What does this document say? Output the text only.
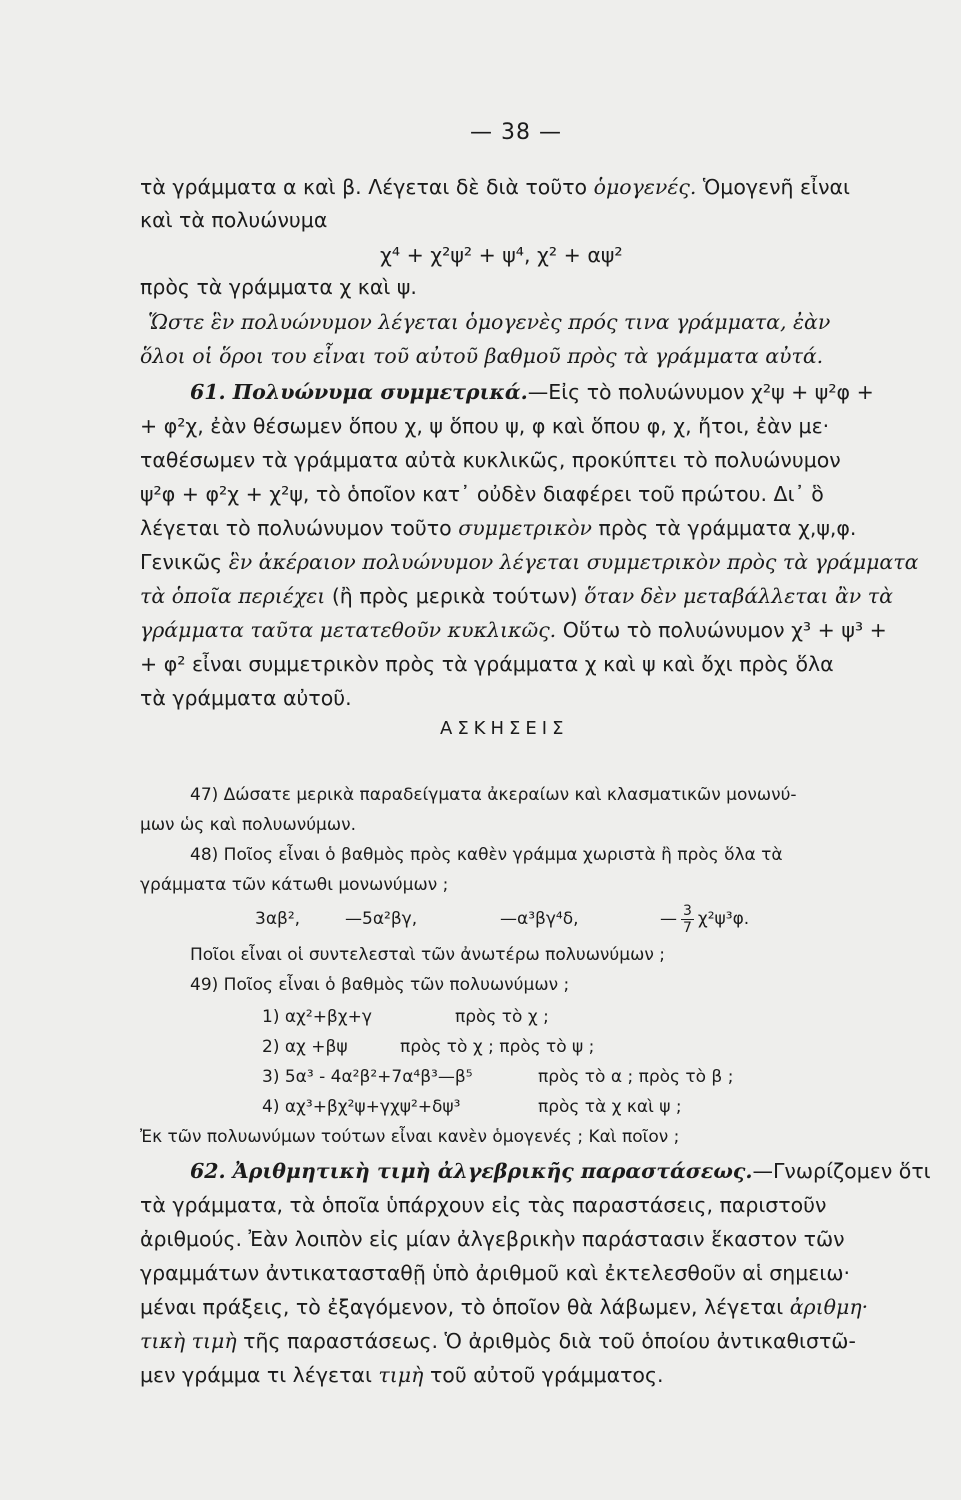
— 38 —
τὰ γράμματα α καὶ β. Λέγεται δὲ διὰ τοῦτο ὁμογενές. Ὁμογενῆ εἶναι
καὶ τὰ πολυώνυμα
χ⁴ + χ²ψ² + ψ⁴, χ² + αψ²
πρὸς τὰ γράμματα χ καὶ ψ.
Ὥστε ἓν πολυώνυμον λέγεται ὁμογενὲς πρός τινα γράμματα, ἐὰν
ὅλοι οἱ ὅροι του εἶναι τοῦ αὐτοῦ βαθμοῦ πρὸς τὰ γράμματα αὐτά.
61. Πολυώνυμα συμμετρικά.—Εἰς τὸ πολυώνυμον χ²ψ + ψ²φ +
+ φ²χ, ἐὰν θέσωμεν ὅπου χ, ψ ὅπου ψ, φ καὶ ὅπου φ, χ, ἤτοι, ἐὰν με·
ταθέσωμεν τὰ γράμματα αὐτὰ κυκλικῶς, προκύπτει τὸ πολυώνυμον
ψ²φ + φ²χ + χ²ψ, τὸ ὁποῖον κατ᾽ οὐδὲν διαφέρει τοῦ πρώτου. Δι᾽ ὃ
λέγεται τὸ πολυώνυμον τοῦτο συμμετρικὸν πρὸς τὰ γράμματα χ,ψ,φ.
Γενικῶς ἓν ἀκέραιον πολυώνυμον λέγεται συμμετρικὸν πρὸς τὰ γράμματα
τὰ ὁποῖα περιέχει (ἢ πρὸς μερικὰ τούτων) ὅταν δὲν μεταβάλλεται ἂν τὰ
γράμματα ταῦτα μετατεθοῦν κυκλικῶς. Οὕτω τὸ πολυώνυμον χ³ + ψ³ +
+ φ² εἶναι συμμετρικὸν πρὸς τὰ γράμματα χ καὶ ψ καὶ ὄχι πρὸς ὅλα
τὰ γράμματα αὐτοῦ.
ΑΣΚΗΣΕΙΣ
47) Δώσατε μερικὰ παραδείγματα ἀκεραίων καὶ κλασματικῶν μονωνύ-
μων ὡς καὶ πολυωνύμων.
48) Ποῖος εἶναι ὁ βαθμὸς πρὸς καθὲν γράμμα χωριστὰ ἢ πρὸς ὅλα τὰ
γράμματα τῶν κάτωθι μονωνύμων ;
3αβ²,	—5α²βγ,	—α³βγ⁴δ,	— $\frac{3}{7} \chi^2\psi^3\varphi$.
Ποῖοι εἶναι οἱ συντελεσταὶ τῶν ἀνωτέρω πολυωνύμων ;
49) Ποῖος εἶναι ὁ βαθμὸς τῶν πολυωνύμων ;
1) αχ²+βχ+γ	πρὸς τὸ χ ;
2) αχ +βψ	πρὸς τὸ χ ; πρὸς τὸ ψ ;
3) 5α³ - 4α²β²+7α⁴β³—β⁵	πρὸς τὸ α ; πρὸς τὸ β ;
4) αχ³+βχ²ψ+γχψ²+δψ³	πρὸς τὰ χ καὶ ψ ;
Ἐκ τῶν πολυωνύμων τούτων εἶναι κανὲν ὁμογενές ; Καὶ ποῖον ;
62. Ἀριθμητικὴ τιμὴ ἀλγεβρικῆς παραστάσεως.—Γνωρίζομεν ὅτι
τὰ γράμματα, τὰ ὁποῖα ὑπάρχουν εἰς τὰς παραστάσεις, παριστοῦν
ἀριθμούς. Ἐὰν λοιπὸν εἰς μίαν ἀλγεβρικὴν παράστασιν ἕκαστον τῶν
γραμμάτων ἀντικατασταθῇ ὑπὸ ἀριθμοῦ καὶ ἐκτελεσθοῦν αἱ σημειω·
μέναι πράξεις, τὸ ἐξαγόμενον, τὸ ὁποῖον θὰ λάβωμεν, λέγεται ἀριθμη·
τικὴ τιμὴ τῆς παραστάσεως. Ὁ ἀριθμὸς διὰ τοῦ ὁποίου ἀντικαθιστῶ-
μεν γράμμα τι λέγεται τιμὴ τοῦ αὐτοῦ γράμματος.
